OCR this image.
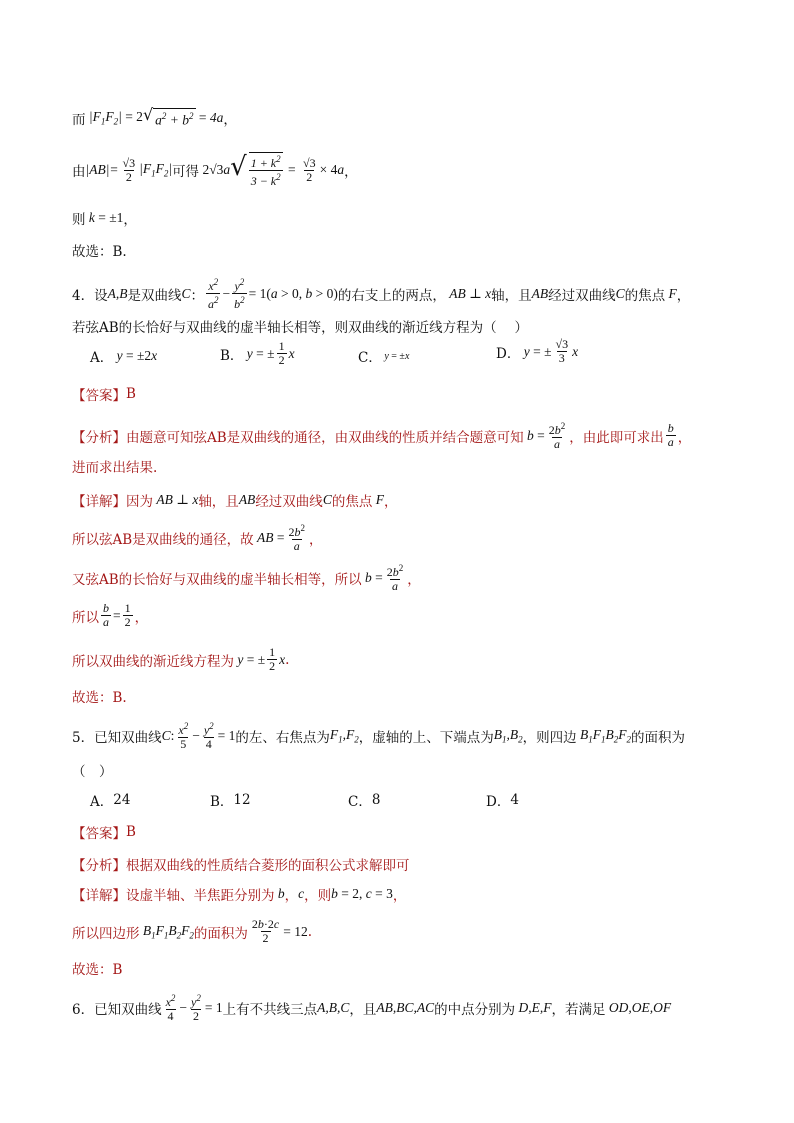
而 $|F_1F_2| = 2$ √ $a^2 + b^2 = 4a$ ，
由 $|AB|= \frac{√3}{2} |F_1F_2|$ 可得 2√3a √ $\frac{1 + k^2}{3 - k^2} = \frac{√3}{2} \times 4a$ ，
则 k = ±1 ，
故选：B.
4． 设 A,B 是双曲线 C ： $\frac{x^2}{a^2} - \frac{y^2}{b^2} = 1(a > 0$, b > 0) 的右支上的两点， AB ⊥ x 轴，且 AB 经过双曲线 C 的焦点 F ，
若弦AB的长恰好与双曲线的虚半轴长相等，则双曲线的渐近线方程为（　 ）
A． y = ±2x	B． y = ± $\frac{1}{2}$ x	C． y = ±x	D． y = ± $\frac{√3}{3}$ x
【答案】 B
【分析】 由题意可知弦AB是双曲线的通径，由双曲线的性质并结合题意可知 $b = \frac{2b^2}{a}$ ，由此即可求出 $\frac{b}{a}$ ，
进而求出结果.
【详解】 因为 AB ⊥ x 轴，且 AB 经过双曲线 C 的焦点 F ，
所以弦AB是双曲线的通径，故 AB = $\frac{2b^2}{a}$ ，
又弦AB的长恰好与双曲线的虚半轴长相等，所以 $b = \frac{2b^2}{a}$ ，
所以 $\frac{b}{a} = \frac{1}{2}$ ，
所以双曲线的渐近线方程为 y = ± $\frac{1}{2}$ x .
故选：B.
5． 已知双曲线 C : $\frac{x^2}{5} - \frac{y^2}{4} = 1$ 的左、右焦点为 $F_1,F_2$ ，虚轴的上、下端点为 $B_1,B_2$ ，则四边 $B_1F_1B_2F_2$ 的面积为
（　）
A． 24	B． 12	C． 8	D． 4
【答案】 B
【分析】 根据双曲线的性质结合菱形的面积公式求解即可
【详解】 设虚半轴、半焦距分别为 b ， c ，则 b = 2, c = 3 ，
所以四边形 $B_1F_1B_2F_2$ 的面积为 $\frac{2b\cdot 2c}{2} = 12$ .
故选：B
6． 已知双曲线 $\frac{x^2}{4} - \frac{y^2}{2} = 1$ 上有不共线三点 A,B,C ，且 AB,BC,AC 的中点分别为 D,E,F ，若满足 OD,OE,OF
